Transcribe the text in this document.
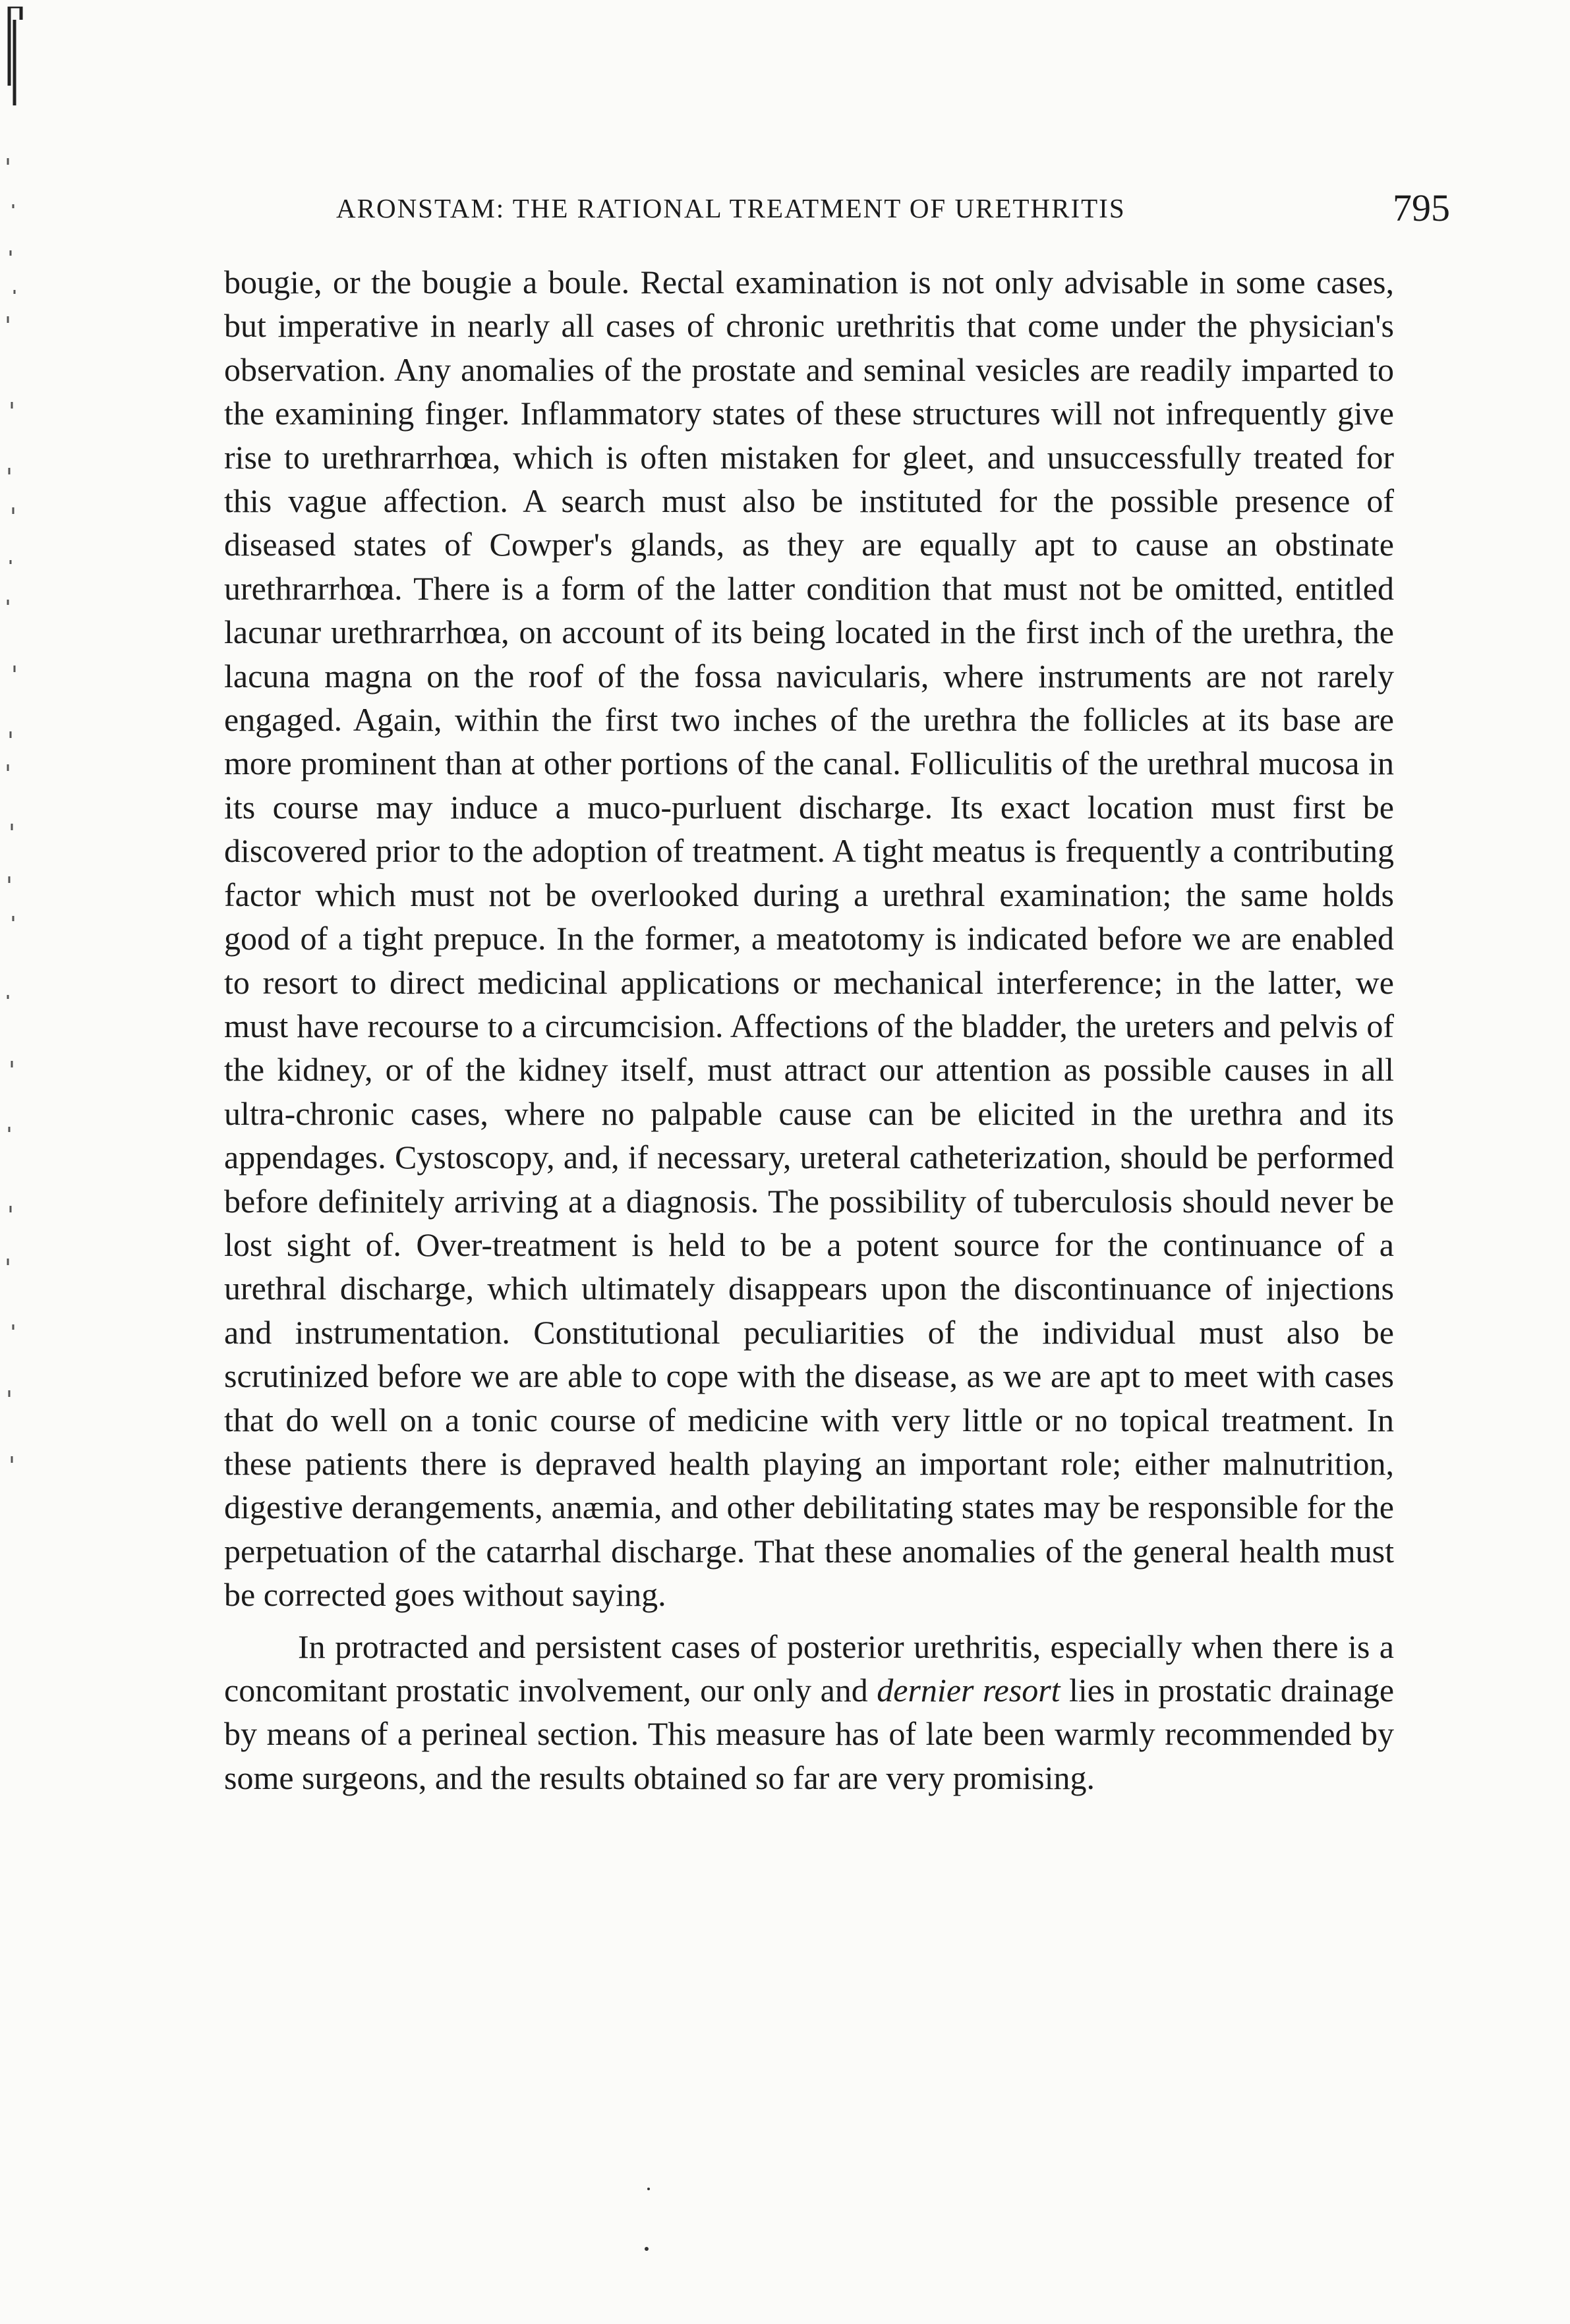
ARONSTAM: THE RATIONAL TREATMENT OF URETHRITIS	795

bougie, or the bougie a boule. Rectal examination is not only advisable in some cases, but imperative in nearly all cases of chronic urethritis that come under the physician's observation. Any anomalies of the prostate and seminal vesicles are readily imparted to the examining finger. Inflammatory states of these structures will not infrequently give rise to urethrarrhœa, which is often mistaken for gleet, and unsuccessfully treated for this vague affection. A search must also be instituted for the possible presence of diseased states of Cowper's glands, as they are equally apt to cause an obstinate urethrarrhœa. There is a form of the latter condition that must not be omitted, entitled lacunar urethrarrhœa, on account of its being located in the first inch of the urethra, the lacuna magna on the roof of the fossa navicularis, where instruments are not rarely engaged. Again, within the first two inches of the urethra the follicles at its base are more prominent than at other portions of the canal. Folliculitis of the urethral mucosa in its course may induce a muco-purluent discharge. Its exact location must first be discovered prior to the adoption of treatment. A tight meatus is frequently a contributing factor which must not be overlooked during a urethral examination; the same holds good of a tight prepuce. In the former, a meatotomy is indicated before we are enabled to resort to direct medicinal applications or mechanical interference; in the latter, we must have recourse to a circumcision. Affections of the bladder, the ureters and pelvis of the kidney, or of the kidney itself, must attract our attention as possible causes in all ultra-chronic cases, where no palpable cause can be elicited in the urethra and its appendages. Cystoscopy, and, if necessary, ureteral catheterization, should be performed before definitely arriving at a diagnosis. The possibility of tuberculosis should never be lost sight of. Over-treatment is held to be a potent source for the continuance of a urethral discharge, which ultimately disappears upon the discontinuance of injections and instrumentation. Constitutional peculiarities of the individual must also be scrutinized before we are able to cope with the disease, as we are apt to meet with cases that do well on a tonic course of medicine with very little or no topical treatment. In these patients there is depraved health playing an important role; either malnutrition, digestive derangements, anæmia, and other debilitating states may be responsible for the perpetuation of the catarrhal discharge. That these anomalies of the general health must be corrected goes without saying.

In protracted and persistent cases of posterior urethritis, especially when there is a concomitant prostatic involvement, our only and dernier resort lies in prostatic drainage by means of a perineal section. This measure has of late been warmly recommended by some surgeons, and the results obtained so far are very promising.
